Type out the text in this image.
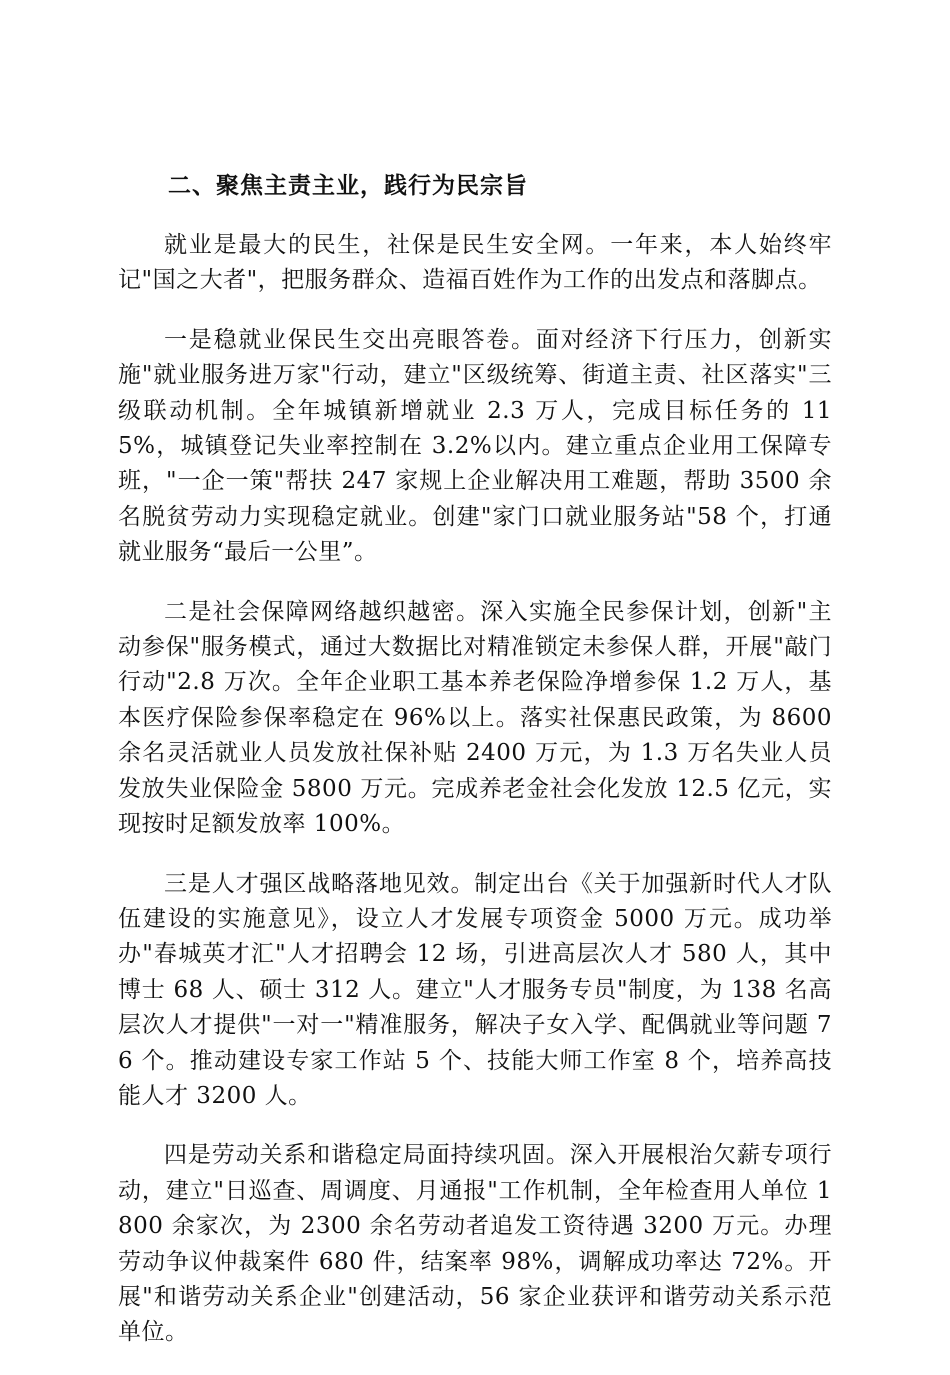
二、聚焦主责主业，践行为民宗旨

就业是最大的民生，社保是民生安全网。一年来，本人始终牢记"国之大者"，把服务群众、造福百姓作为工作的出发点和落脚点。

一是稳就业保民生交出亮眼答卷。面对经济下行压力，创新实施"就业服务进万家"行动，建立"区级统筹、街道主责、社区落实"三级联动机制。全年城镇新增就业 2.3 万人，完成目标任务的 115%，城镇登记失业率控制在 3.2%以内。建立重点企业用工保障专班，"一企一策"帮扶 247 家规上企业解决用工难题，帮助 3500 余名脱贫劳动力实现稳定就业。创建"家门口就业服务站"58 个，打通就业服务“最后一公里”。

二是社会保障网络越织越密。深入实施全民参保计划，创新"主动参保"服务模式，通过大数据比对精准锁定未参保人群，开展"敲门行动"2.8 万次。全年企业职工基本养老保险净增参保 1.2 万人，基本医疗保险参保率稳定在 96%以上。落实社保惠民政策，为 8600 余名灵活就业人员发放社保补贴 2400 万元，为 1.3 万名失业人员发放失业保险金 5800 万元。完成养老金社会化发放 12.5 亿元，实现按时足额发放率 100%。

三是人才强区战略落地见效。制定出台《关于加强新时代人才队伍建设的实施意见》，设立人才发展专项资金 5000 万元。成功举办"春城英才汇"人才招聘会 12 场，引进高层次人才 580 人，其中博士 68 人、硕士 312 人。建立"人才服务专员"制度，为 138 名高层次人才提供"一对一"精准服务，解决子女入学、配偶就业等问题 76 个。推动建设专家工作站 5 个、技能大师工作室 8 个，培养高技能人才 3200 人。

四是劳动关系和谐稳定局面持续巩固。深入开展根治欠薪专项行动，建立"日巡查、周调度、月通报"工作机制，全年检查用人单位 1800 余家次，为 2300 余名劳动者追发工资待遇 3200 万元。办理劳动争议仲裁案件 680 件，结案率 98%，调解成功率达 72%。开展"和谐劳动关系企业"创建活动，56 家企业获评和谐劳动关系示范单位。
